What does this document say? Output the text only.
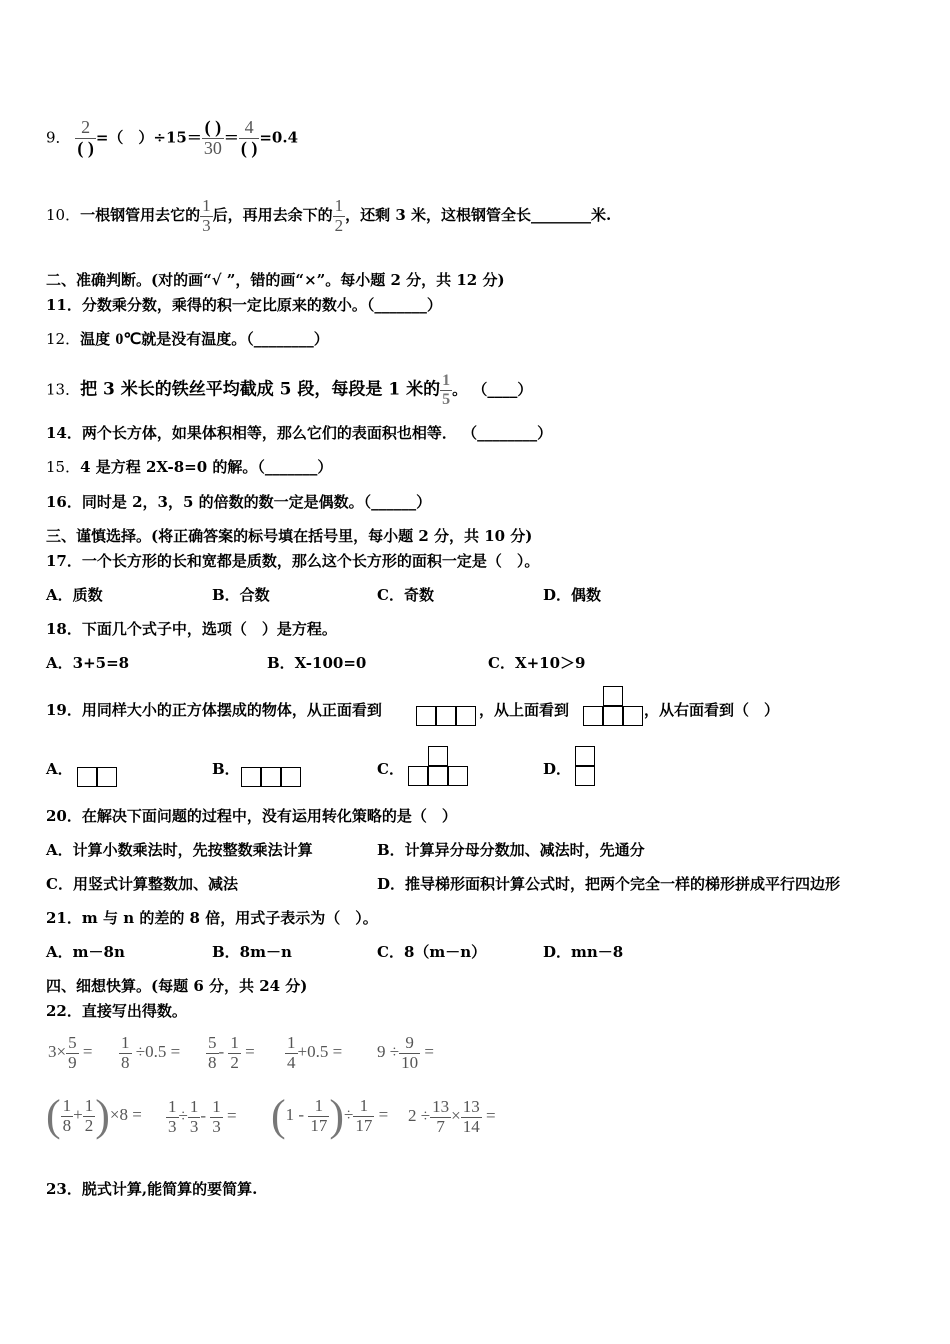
9． $\frac{2}{( )}$ =（　）$\div 15= \frac{( )}{30} = \frac{4}{( )} =0.4$
10．一根钢管用去它的 $\frac{1}{3}$ 后，再用去余下的 $\frac{1}{2}$ ，还剩 3 米，这根钢管全长________米.
二、准确判断。(对的画“√ ”，错的画“×”。每小题 2 分，共 12 分)
11．分数乘分数，乘得的积一定比原来的数小。（_______）
12．温度 0℃就是没有温度。（________）
13．把 3 米长的铁丝平均截成 5 段，每段是 1 米的 $\frac{1}{5}$ 。 （____）
14．两个长方体，如果体积相等，那么它们的表面积也相等． （________）
15．4 是方程 2X-8=0 的解。（_______）
16．同时是 2，3，5 的倍数的数一定是偶数。（______）
三、谨慎选择。(将正确答案的标号填在括号里，每小题 2 分，共 10 分)
17．一个长方形的长和宽都是质数，那么这个长方形的面积一定是（　）。
A．质数	B．合数	C．奇数	D．偶数
18．下面几个式子中，选项（　）是方程。
A．3+5=8	B．X-100=0	C．X+10＞9
19．用同样大小的正方体摆成的物体，从正面看到	，从上面看到	，从右面看到（　）
A．	B．	C．	D．
20．在解决下面问题的过程中，没有运用转化策略的是（　）
A．计算小数乘法时，先按整数乘法计算	B．计算异分母分数加、减法时，先通分
C．用竖式计算整数加、减法	D．推导梯形面积计算公式时，把两个完全一样的梯形拼成平行四边形
21．m 与 n 的差的 8 倍，用式子表示为（　）。
A．m－8n	B．8m－n	C．8（m－n）	D．mn－8
四、细想快算。(每题 6 分，共 24 分)
22．直接写出得数。
$3\times \frac{5}{9} = \frac{1}{8} \div 0.5 = \frac{5}{8} - \frac{1}{2} = \frac{1}{4} +0.5 = 9 \div \frac{9}{10}$ =
( $\frac{1}{8} + \frac{1}{2} )\times 8 = \frac{1}{3} \div \frac{1}{3} - \frac{1}{3} = (1 - \frac{1}{17}$ )÷ $\frac{1}{17} = 2 \div \frac{13}{7} \times \frac{13}{14}$ =
23．脱式计算,能简算的要简算.
